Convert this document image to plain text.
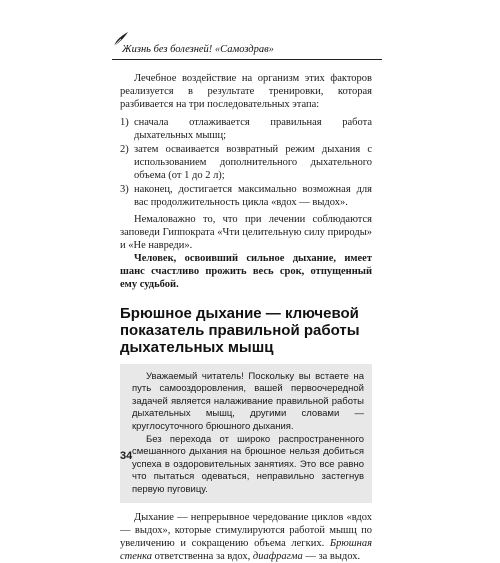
Жизнь без болезней! «Самоздрав»

Лечебное воздействие на организм этих факторов реализуется в результате тренировки, которая разбивается на три последовательных этапа:

1) сначала отлаживается правильная работа дыхательных мышц;
2) затем осваивается возвратный режим дыхания с использованием дополнительного дыхательного объема (от 1 до 2 л);
3) наконец, достигается максимально возможная для вас продолжительность цикла «вдох — выдох».

Немаловажно то, что при лечении соблюдаются заповеди Гиппократа «Чти целительную силу природы» и «Не навреди».

Человек, освоивший сильное дыхание, имеет шанс счастливо прожить весь срок, отпущенный ему судьбой.

Брюшное дыхание — ключевой показатель правильной работы дыхательных мышц

Уважаемый читатель! Поскольку вы встаете на путь самооздоровления, вашей первоочередной задачей является налаживание правильной работы дыхательных мышц, другими словами — круглосуточного брюшного дыхания.

Без перехода от широко распространенного смешанного дыхания на брюшное нельзя добиться успеха в оздоровительных занятиях. Это все равно что пытаться одеваться, неправильно застегнув первую пуговицу.

Дыхание — непрерывное чередование циклов «вдох — выдох», которые стимулируются работой мышц по увеличению и сокращению объема легких. Брюшная стенка ответственна за вдох, диафрагма — за выдох.

34
